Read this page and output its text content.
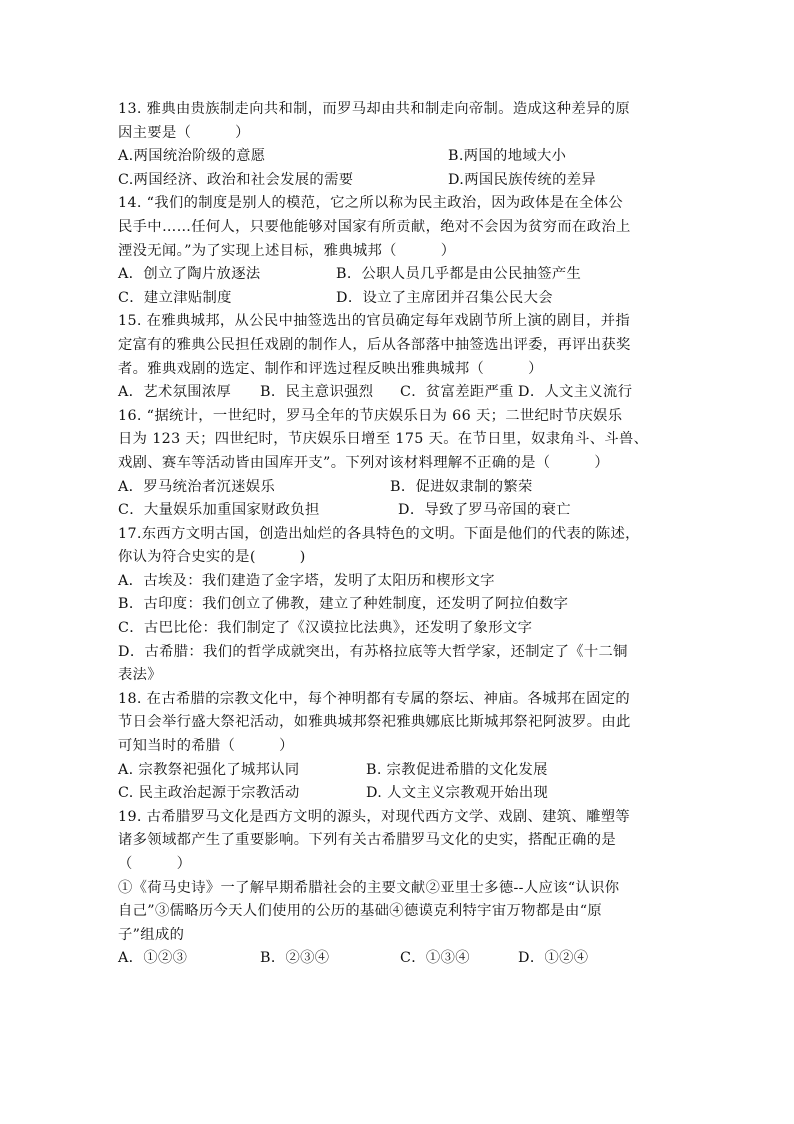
13. 雅典由贵族制走向共和制，而罗马却由共和制走向帝制。造成这种差异的原
因主要是（　　　）
A.两国统治阶级的意愿	B.两国的地域大小
C.两国经济、政治和社会发展的需要	D.两国民族传统的差异
14. “我们的制度是别人的模范，它之所以称为民主政治，因为政体是在全体公
民手中……任何人，只要他能够对国家有所贡献，绝对不会因为贫穷而在政治上
湮没无闻。”为了实现上述目标，雅典城邦（　　　）
A．创立了陶片放逐法	B．公职人员几乎都是由公民抽签产生
C．建立津贴制度	D．设立了主席团并召集公民大会
15. 在雅典城邦，从公民中抽签选出的官员确定每年戏剧节所上演的剧目，并指
定富有的雅典公民担任戏剧的制作人，后从各部落中抽签选出评委，再评出获奖
者。雅典戏剧的选定、制作和评选过程反映出雅典城邦（　　　）
A．艺术氛围浓厚	B．民主意识强烈	C．贫富差距严重 D．人文主义流行
16. “据统计，一世纪时，罗马全年的节庆娱乐日为 66 天；二世纪时节庆娱乐
日为 123 天；四世纪时，节庆娱乐日增至 175 天。在节日里，奴隶角斗、斗兽、
戏剧、赛车等活动皆由国库开支”。下列对该材料理解不正确的是（　　　）
A．罗马统治者沉迷娱乐	B．促进奴隶制的繁荣
C．大量娱乐加重国家财政负担	D．导致了罗马帝国的衰亡
17.东西方文明古国，创造出灿烂的各具特色的文明。下面是他们的代表的陈述，
你认为符合史实的是(　　　)
A．古埃及：我们建造了金字塔，发明了太阳历和楔形文字
B．古印度：我们创立了佛教，建立了种姓制度，还发明了阿拉伯数字
C．古巴比伦：我们制定了《汉谟拉比法典》，还发明了象形文字
D．古希腊：我们的哲学成就突出，有苏格拉底等大哲学家，还制定了《十二铜
表法》
18. 在古希腊的宗教文化中，每个神明都有专属的祭坛、神庙。各城邦在固定的
节日会举行盛大祭祀活动，如雅典城邦祭祀雅典娜底比斯城邦祭祀阿波罗。由此
可知当时的希腊（　　　）
A. 宗教祭祀强化了城邦认同	B. 宗教促进希腊的文化发展
C. 民主政治起源于宗教活动	D. 人文主义宗教观开始出现
19. 古希腊罗马文化是西方文明的源头，对现代西方文学、戏剧、建筑、雕塑等
诸多领域都产生了重要影响。下列有关古希腊罗马文化的史实，搭配正确的是
（　　　）
①《荷马史诗》一了解早期希腊社会的主要文献②亚里士多德--人应该“认识你
自己”③儒略历今天人们使用的公历的基础④德谟克利特宇宙万物都是由“原
子”组成的
A．①②③	B．②③④	C．①③④	D．①②④
